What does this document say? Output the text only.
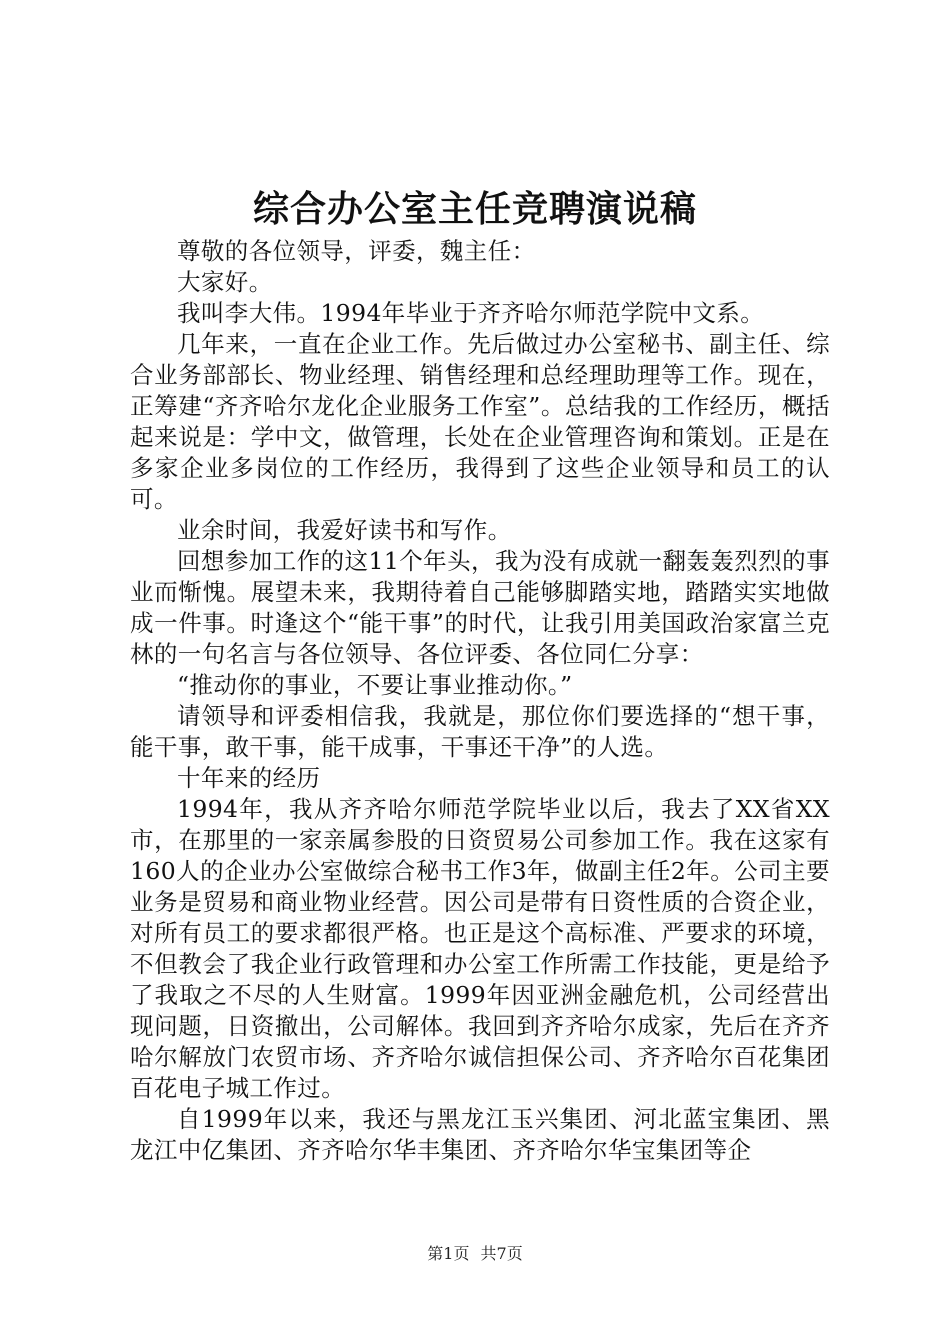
综合办公室主任竞聘演说稿

尊敬的各位领导，评委，魏主任：

大家好。

我叫李大伟。1994年毕业于齐齐哈尔师范学院中文系。

几年来，一直在企业工作。先后做过办公室秘书、副主任、综合业务部部长、物业经理、销售经理和总经理助理等工作。现在，正筹建“齐齐哈尔龙化企业服务工作室”。总结我的工作经历，概括起来说是：学中文，做管理，长处在企业管理咨询和策划。正是在多家企业多岗位的工作经历，我得到了这些企业领导和员工的认可。

业余时间，我爱好读书和写作。

回想参加工作的这11个年头，我为没有成就一翻轰轰烈烈的事业而惭愧。展望未来，我期待着自己能够脚踏实地，踏踏实实地做成一件事。时逢这个“能干事”的时代，让我引用美国政治家富兰克林的一句名言与各位领导、各位评委、各位同仁分享：

“推动你的事业，不要让事业推动你。”

请领导和评委相信我，我就是，那位你们要选择的“想干事，能干事，敢干事，能干成事，干事还干净”的人选。

十年来的经历

1994年，我从齐齐哈尔师范学院毕业以后，我去了XX省XX市，在那里的一家亲属参股的日资贸易公司参加工作。我在这家有160人的企业办公室做综合秘书工作3年，做副主任2年。公司主要业务是贸易和商业物业经营。因公司是带有日资性质的合资企业，对所有员工的要求都很严格。也正是这个高标准、严要求的环境，不但教会了我企业行政管理和办公室工作所需工作技能，更是给予了我取之不尽的人生财富。1999年因亚洲金融危机，公司经营出现问题，日资撤出，公司解体。我回到齐齐哈尔成家，先后在齐齐哈尔解放门农贸市场、齐齐哈尔诚信担保公司、齐齐哈尔百花集团百花电子城工作过。

自1999年以来，我还与黑龙江玉兴集团、河北蓝宝集团、黑龙江中亿集团、齐齐哈尔华丰集团、齐齐哈尔华宝集团等企

第1页 共7页
